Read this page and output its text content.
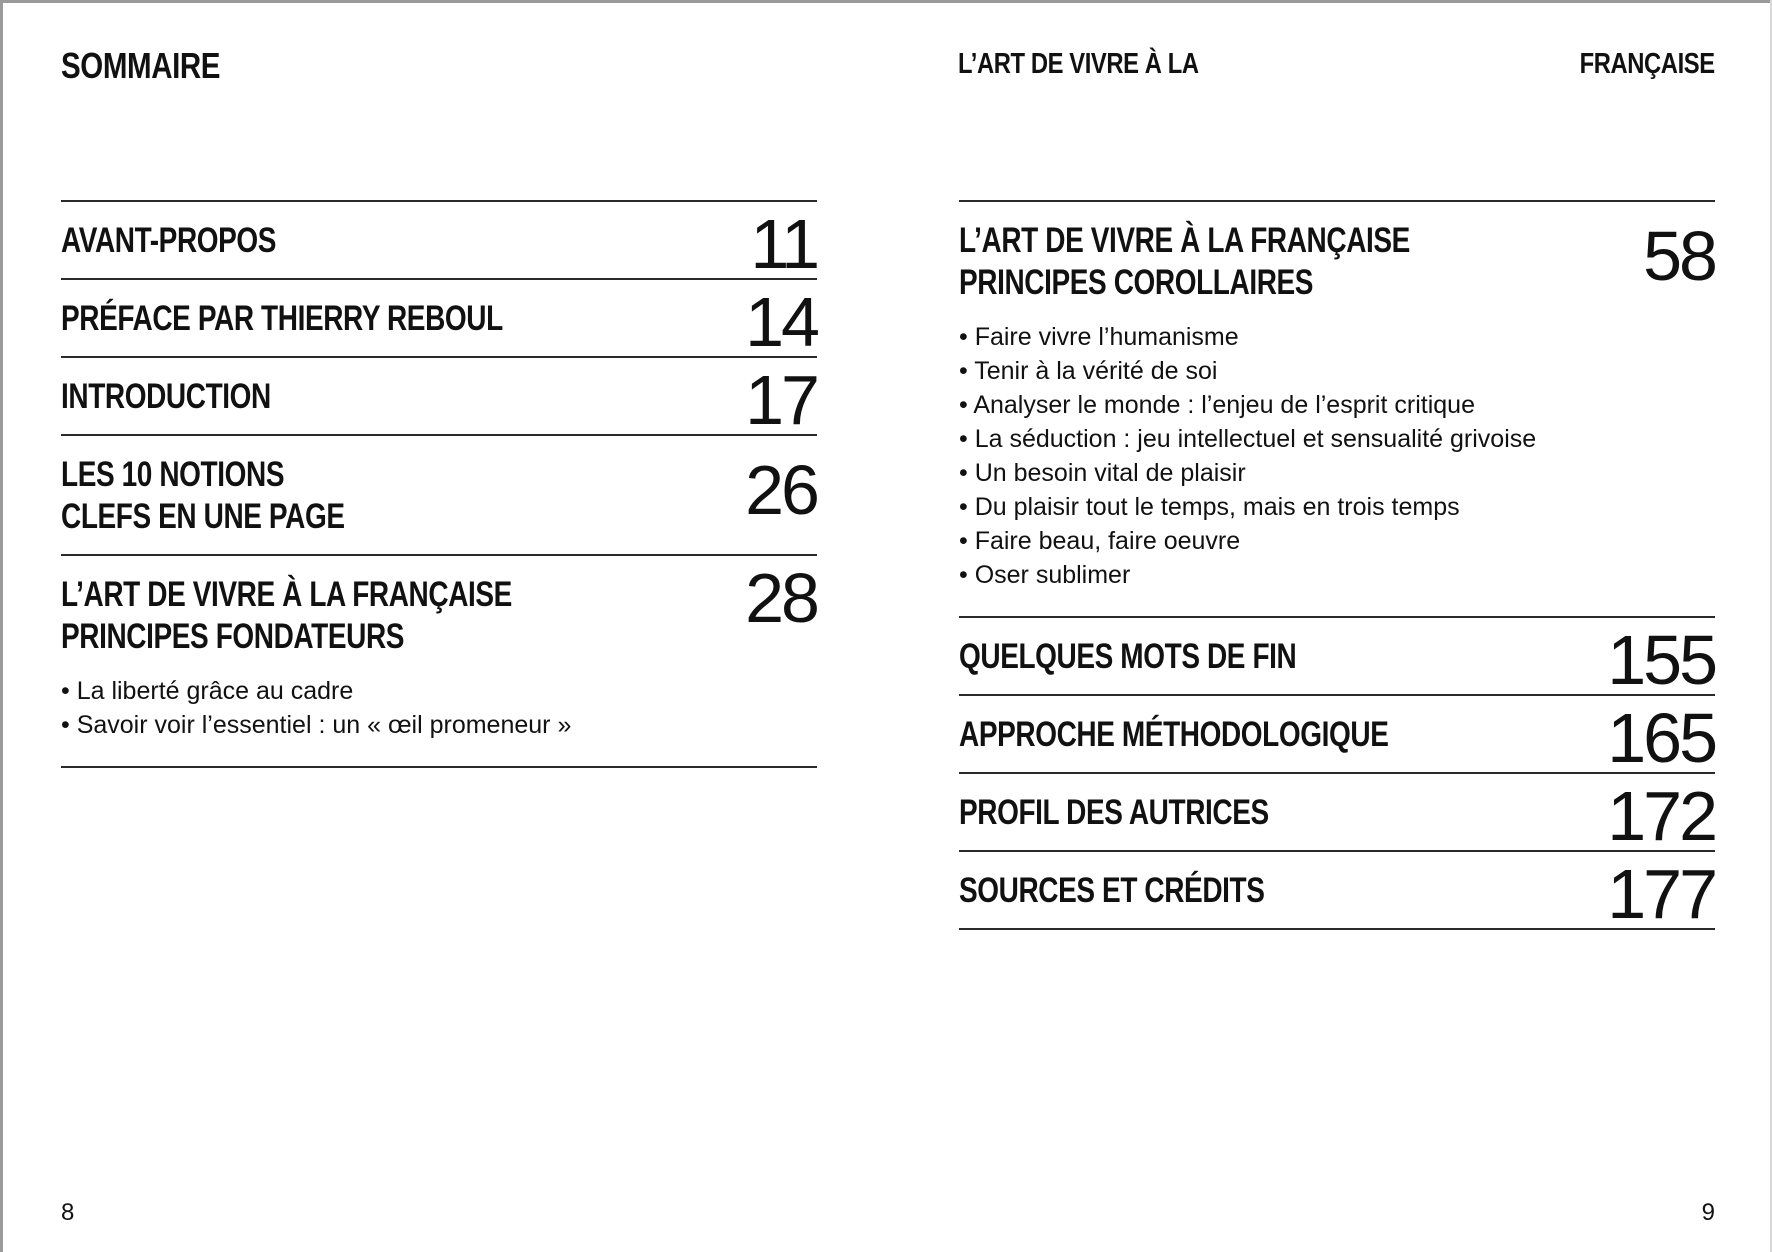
SOMMAIRE
AVANT-PROPOS	11
PRÉFACE PAR THIERRY REBOUL	14
INTRODUCTION	17
LES 10 NOTIONS
CLEFS EN UNE PAGE	26
L’ART DE VIVRE À LA FRANÇAISE
PRINCIPES FONDATEURS	28
• La liberté grâce au cadre
• Savoir voir l’essentiel : un « œil promeneur »
8
L’ART DE VIVRE À LA	FRANÇAISE
L’ART DE VIVRE À LA FRANÇAISE
PRINCIPES COROLLAIRES	58
• Faire vivre l’humanisme
• Tenir à la vérité de soi
• Analyser le monde : l’enjeu de l’esprit critique
• La séduction : jeu intellectuel et sensualité grivoise
• Un besoin vital de plaisir
• Du plaisir tout le temps, mais en trois temps
• Faire beau, faire oeuvre
• Oser sublimer
QUELQUES MOTS DE FIN	155
APPROCHE MÉTHODOLOGIQUE	165
PROFIL DES AUTRICES	172
SOURCES ET CRÉDITS	177
9
